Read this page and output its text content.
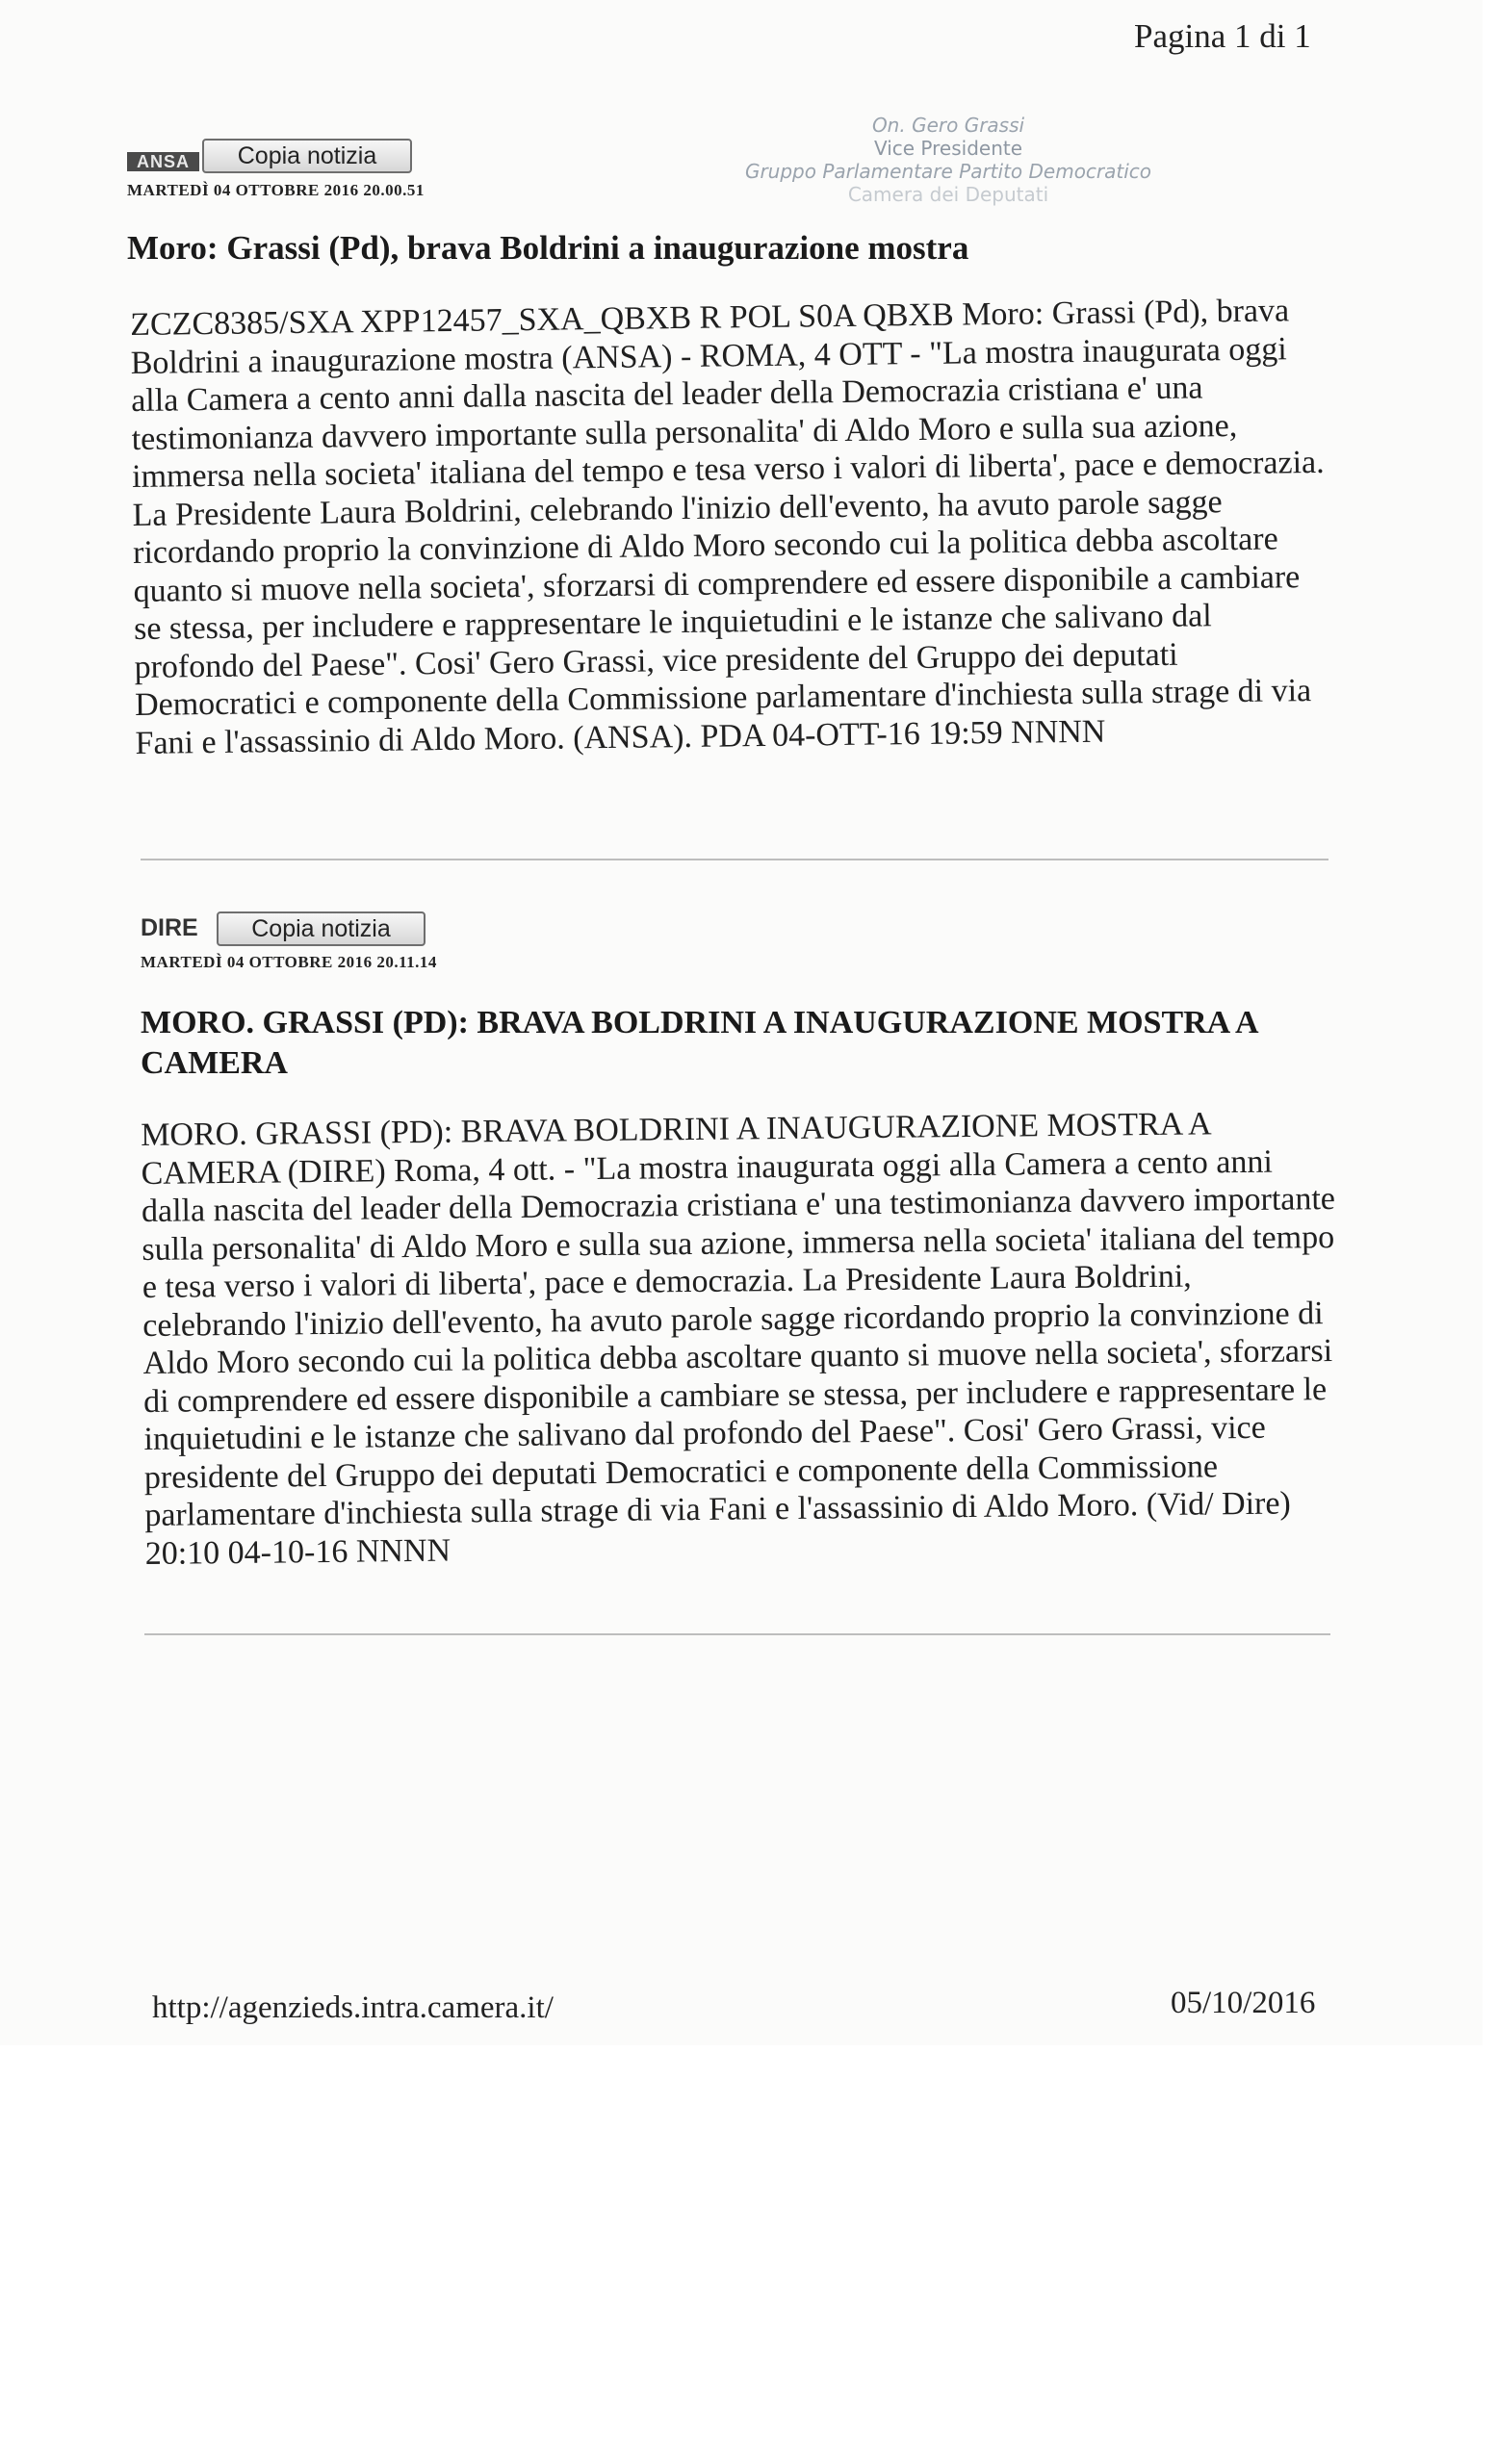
Pagina 1 di 1
On. Gero Grassi
Vice Presidente
Gruppo Parlamentare Partito Democratico
Camera dei Deputati
ANSA	Copia notizia
MARTEDÌ 04 OTTOBRE 2016 20.00.51
Moro: Grassi (Pd), brava Boldrini a inaugurazione mostra
ZCZC8385/SXA XPP12457_SXA_QBXB R POL S0A QBXB Moro: Grassi (Pd), brava Boldrini a inaugurazione mostra (ANSA) - ROMA, 4 OTT - "La mostra inaugurata oggi alla Camera a cento anni dalla nascita del leader della Democrazia cristiana e' una testimonianza davvero importante sulla personalita' di Aldo Moro e sulla sua azione, immersa nella societa' italiana del tempo e tesa verso i valori di liberta', pace e democrazia. La Presidente Laura Boldrini, celebrando l'inizio dell'evento, ha avuto parole sagge ricordando proprio la convinzione di Aldo Moro secondo cui la politica debba ascoltare quanto si muove nella societa', sforzarsi di comprendere ed essere disponibile a cambiare se stessa, per includere e rappresentare le inquietudini e le istanze che salivano dal profondo del Paese". Cosi' Gero Grassi, vice presidente del Gruppo dei deputati Democratici e componente della Commissione parlamentare d'inchiesta sulla strage di via Fani e l'assassinio di Aldo Moro. (ANSA). PDA 04-OTT-16 19:59 NNNN
DIRE	Copia notizia
MARTEDÌ 04 OTTOBRE 2016 20.11.14
MORO. GRASSI (PD): BRAVA BOLDRINI A INAUGURAZIONE MOSTRA A CAMERA
MORO. GRASSI (PD): BRAVA BOLDRINI A INAUGURAZIONE MOSTRA A CAMERA (DIRE) Roma, 4 ott. - "La mostra inaugurata oggi alla Camera a cento anni dalla nascita del leader della Democrazia cristiana e' una testimonianza davvero importante sulla personalita' di Aldo Moro e sulla sua azione, immersa nella societa' italiana del tempo e tesa verso i valori di liberta', pace e democrazia. La Presidente Laura Boldrini, celebrando l'inizio dell'evento, ha avuto parole sagge ricordando proprio la convinzione di Aldo Moro secondo cui la politica debba ascoltare quanto si muove nella societa', sforzarsi di comprendere ed essere disponibile a cambiare se stessa, per includere e rappresentare le inquietudini e le istanze che salivano dal profondo del Paese". Cosi' Gero Grassi, vice presidente del Gruppo dei deputati Democratici e componente della Commissione parlamentare d'inchiesta sulla strage di via Fani e l'assassinio di Aldo Moro. (Vid/ Dire) 20:10 04-10-16 NNNN
http://agenzieds.intra.camera.it/	05/10/2016
